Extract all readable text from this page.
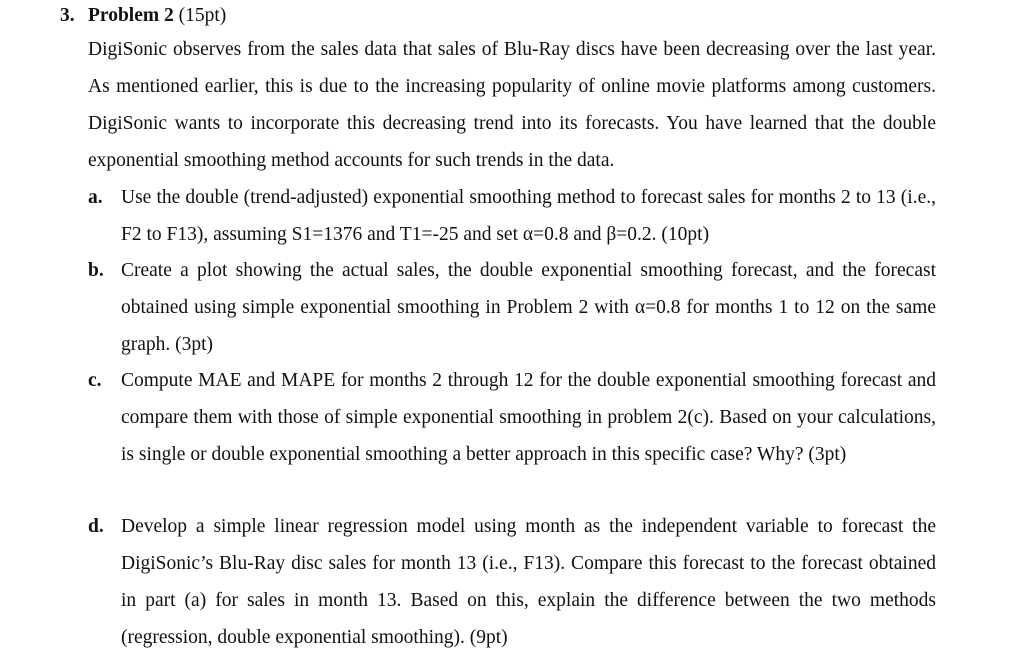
3. Problem 2 (15pt)
DigiSonic observes from the sales data that sales of Blu-Ray discs have been decreasing over the last year. As mentioned earlier, this is due to the increasing popularity of online movie platforms among customers. DigiSonic wants to incorporate this decreasing trend into its forecasts. You have learned that the double exponential smoothing method accounts for such trends in the data.
a. Use the double (trend-adjusted) exponential smoothing method to forecast sales for months 2 to 13 (i.e., F2 to F13), assuming S1=1376 and T1=-25 and set α=0.8 and β=0.2. (10pt)
b. Create a plot showing the actual sales, the double exponential smoothing forecast, and the forecast obtained using simple exponential smoothing in Problem 2 with α=0.8 for months 1 to 12 on the same graph. (3pt)
c. Compute MAE and MAPE for months 2 through 12 for the double exponential smoothing forecast and compare them with those of simple exponential smoothing in problem 2(c). Based on your calculations, is single or double exponential smoothing a better approach in this specific case? Why? (3pt)
d. Develop a simple linear regression model using month as the independent variable to forecast the DigiSonic’s Blu-Ray disc sales for month 13 (i.e., F13). Compare this forecast to the forecast obtained in part (a) for sales in month 13. Based on this, explain the difference between the two methods (regression, double exponential smoothing). (9pt)
